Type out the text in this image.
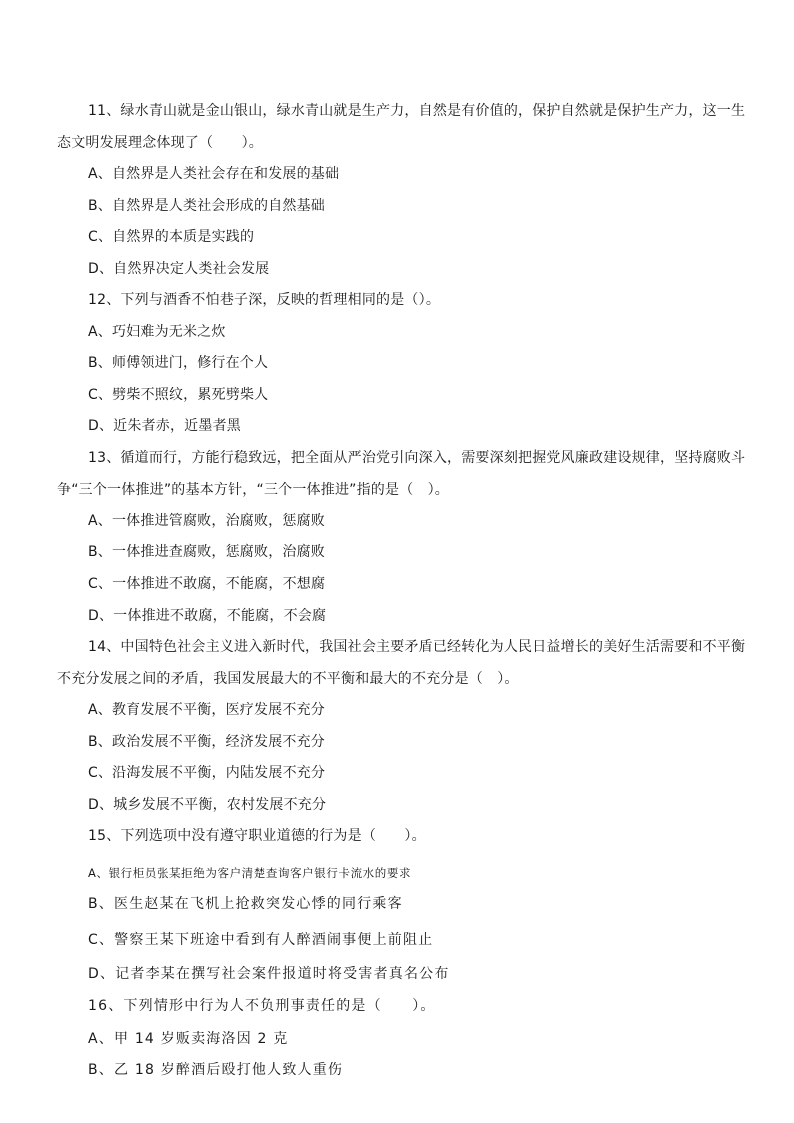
11、绿水青山就是金山银山，绿水青山就是生产力，自然是有价值的，保护自然就是保护生产力，这一生
态文明发展理念体现了（　　）。
A、自然界是人类社会存在和发展的基础
B、自然界是人类社会形成的自然基础
C、自然界的本质是实践的
D、自然界决定人类社会发展
12、下列与酒香不怕巷子深，反映的哲理相同的是（）。
A、巧妇难为无米之炊
B、师傅领进门，修行在个人
C、劈柴不照纹，累死劈柴人
D、近朱者赤，近墨者黑
13、循道而行，方能行稳致远，把全面从严治党引向深入，需要深刻把握党风廉政建设规律，坚持腐败斗
争“三个一体推进”的基本方针，“三个一体推进”指的是（　）。
A、一体推进管腐败，治腐败，惩腐败
B、一体推进查腐败，惩腐败，治腐败
C、一体推进不敢腐，不能腐，不想腐
D、一体推进不敢腐，不能腐，不会腐
14、中国特色社会主义进入新时代，我国社会主要矛盾已经转化为人民日益增长的美好生活需要和不平衡
不充分发展之间的矛盾，我国发展最大的不平衡和最大的不充分是（　）。
A、教育发展不平衡，医疗发展不充分
B、政治发展不平衡，经济发展不充分
C、沿海发展不平衡，内陆发展不充分
D、城乡发展不平衡，农村发展不充分
15、下列选项中没有遵守职业道德的行为是（　　）。
A、银行柜员张某拒绝为客户清楚查询客户银行卡流水的要求
B、医生赵某在飞机上抢救突发心悸的同行乘客
C、警察王某下班途中看到有人醉酒闹事便上前阻止
D、记者李某在撰写社会案件报道时将受害者真名公布
16、下列情形中行为人不负刑事责任的是（　　）。
A、甲 14 岁贩卖海洛因 2 克
B、乙 18 岁醉酒后殴打他人致人重伤
